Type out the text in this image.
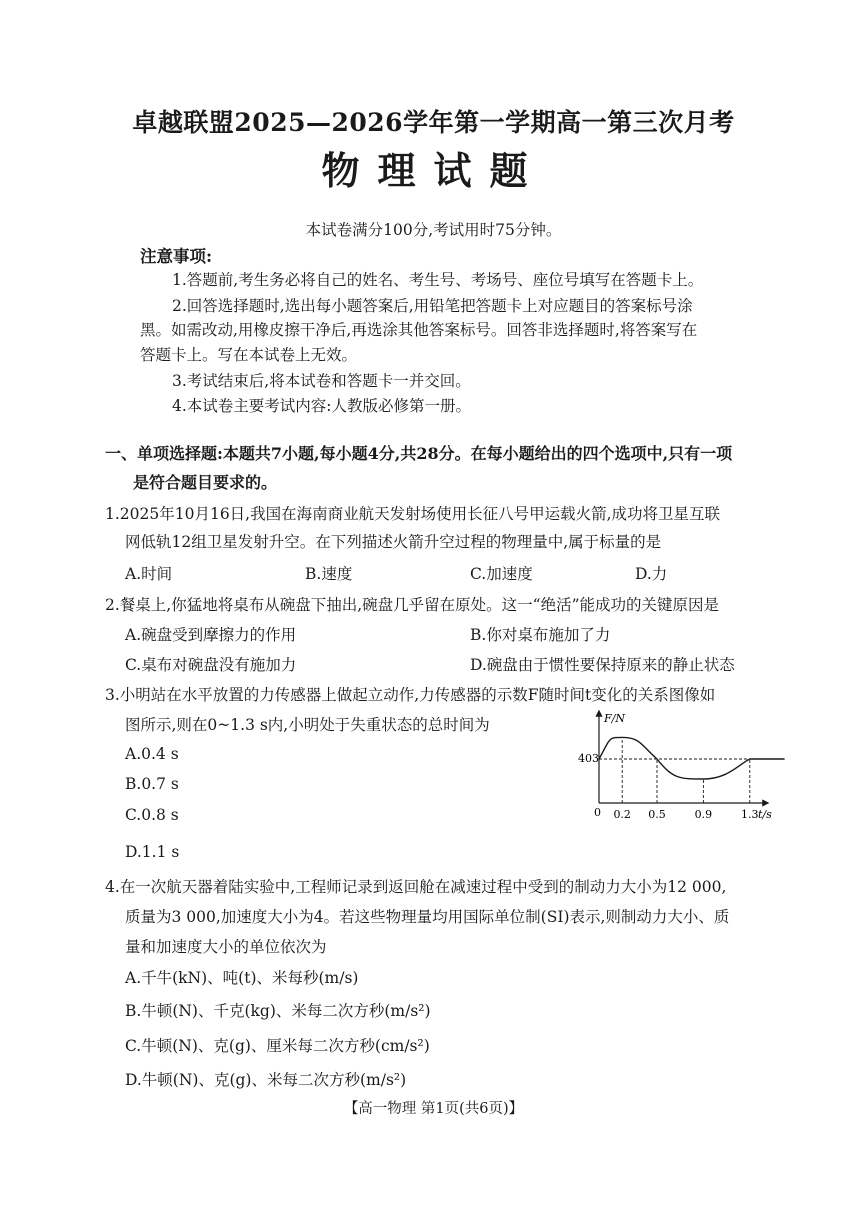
卓越联盟2025—2026学年第一学期高一第三次月考
物理试题
本试卷满分100分,考试用时75分钟。
注意事项:
1.答题前,考生务必将自己的姓名、考生号、考场号、座位号填写在答题卡上。
2.回答选择题时,选出每小题答案后,用铅笔把答题卡上对应题目的答案标号涂
黑。如需改动,用橡皮擦干净后,再选涂其他答案标号。回答非选择题时,将答案写在
答题卡上。写在本试卷上无效。
3.考试结束后,将本试卷和答题卡一并交回。
4.本试卷主要考试内容:人教版必修第一册。
一、单项选择题:本题共7小题,每小题4分,共28分。在每小题给出的四个选项中,只有一项
是符合题目要求的。
1.2025年10月16日,我国在海南商业航天发射场使用长征八号甲运载火箭,成功将卫星互联
网低轨12组卫星发射升空。在下列描述火箭升空过程的物理量中,属于标量的是
A.时间	B.速度	C.加速度	D.力
2.餐桌上,你猛地将桌布从碗盘下抽出,碗盘几乎留在原处。这一“绝活”能成功的关键原因是
A.碗盘受到摩擦力的作用	B.你对桌布施加了力
C.桌布对碗盘没有施加力	D.碗盘由于惯性要保持原来的静止状态
3.小明站在水平放置的力传感器上做起立动作,力传感器的示数F随时间t变化的关系图像如
图所示,则在0~1.3 s内,小明处于失重状态的总时间为
A.0.4 s
B.0.7 s
C.0.8 s
D.1.1 s
F/N
t/s
0
403
0.2 0.5	0.9	1.3
4.在一次航天器着陆实验中,工程师记录到返回舱在减速过程中受到的制动力大小为12 000,
质量为3 000,加速度大小为4。若这些物理量均用国际单位制(SI)表示,则制动力大小、质
量和加速度大小的单位依次为
A.千牛(kN)、吨(t)、米每秒(m/s)
B.牛顿(N)、千克(kg)、米每二次方秒(m/s²)
C.牛顿(N)、克(g)、厘米每二次方秒(cm/s²)
D.牛顿(N)、克(g)、米每二次方秒(m/s²)
【高一物理 第1页(共6页)】
